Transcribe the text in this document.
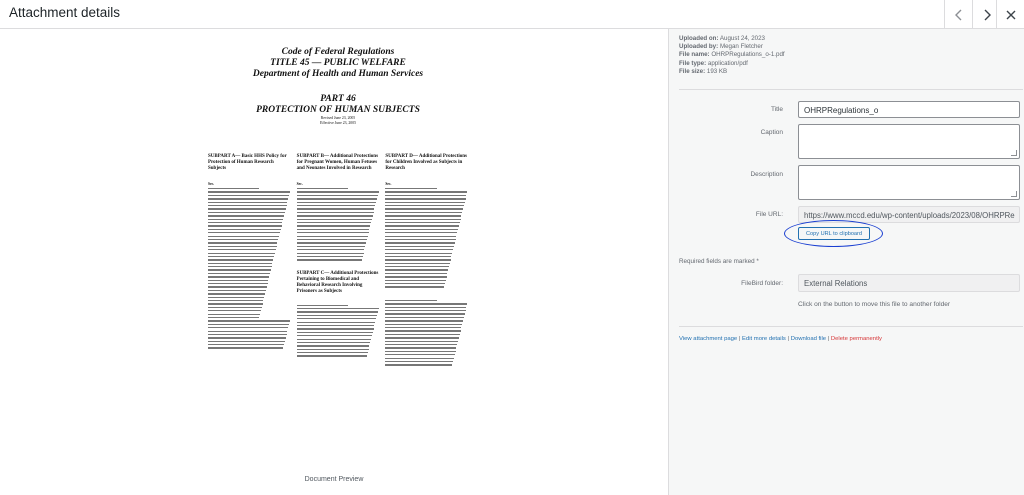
Attachment details
Code of Federal Regulations
TITLE 45 — PUBLIC WELFARE
Department of Health and Human Services
PART 46
PROTECTION OF HUMAN SUBJECTS
Revised June 23, 2005
Effective June 23, 2005
SUBPART A— Basic HHS Policy for Protection of Human Research Subjects
Sec.
SUBPART B— Additional Protections for Pregnant Women, Human Fetuses and Neonates Involved in Research
Sec.
SUBPART C— Additional Protections Pertaining to Biomedical and Behavioral Research Involving Prisoners as Subjects
SUBPART D— Additional Protections for Children Involved as Subjects in Research
Sec.
Document Preview
Uploaded on: August 24, 2023
Uploaded by: Megan Fletcher
File name: OHRPRegulations_o-1.pdf
File type: application/pdf
File size: 193 KB
Title	OHRPRegulations_o
Caption
Description
File URL:	https://www.mccd.edu/wp-content/uploads/2023/08/OHRPRe
Copy URL to clipboard
Required fields are marked *
FileBird folder:	External Relations
Click on the button to move this file to another folder
View attachment page | Edit more details | Download file | Delete permanently
